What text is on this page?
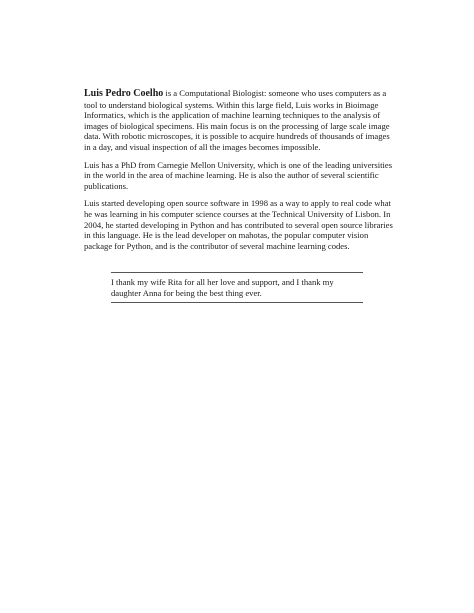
Luis Pedro Coelho is a Computational Biologist: someone who uses computers as a tool to understand biological systems. Within this large field, Luis works in Bioimage Informatics, which is the application of machine learning techniques to the analysis of images of biological specimens. His main focus is on the processing of large scale image data. With robotic microscopes, it is possible to acquire hundreds of thousands of images in a day, and visual inspection of all the images becomes impossible.

Luis has a PhD from Carnegie Mellon University, which is one of the leading universities in the world in the area of machine learning. He is also the author of several scientific publications.

Luis started developing open source software in 1998 as a way to apply to real code what he was learning in his computer science courses at the Technical University of Lisbon. In 2004, he started developing in Python and has contributed to several open source libraries in this language. He is the lead developer on mahotas, the popular computer vision package for Python, and is the contributor of several machine learning codes.

I thank my wife Rita for all her love and support, and I thank my daughter Anna for being the best thing ever.
